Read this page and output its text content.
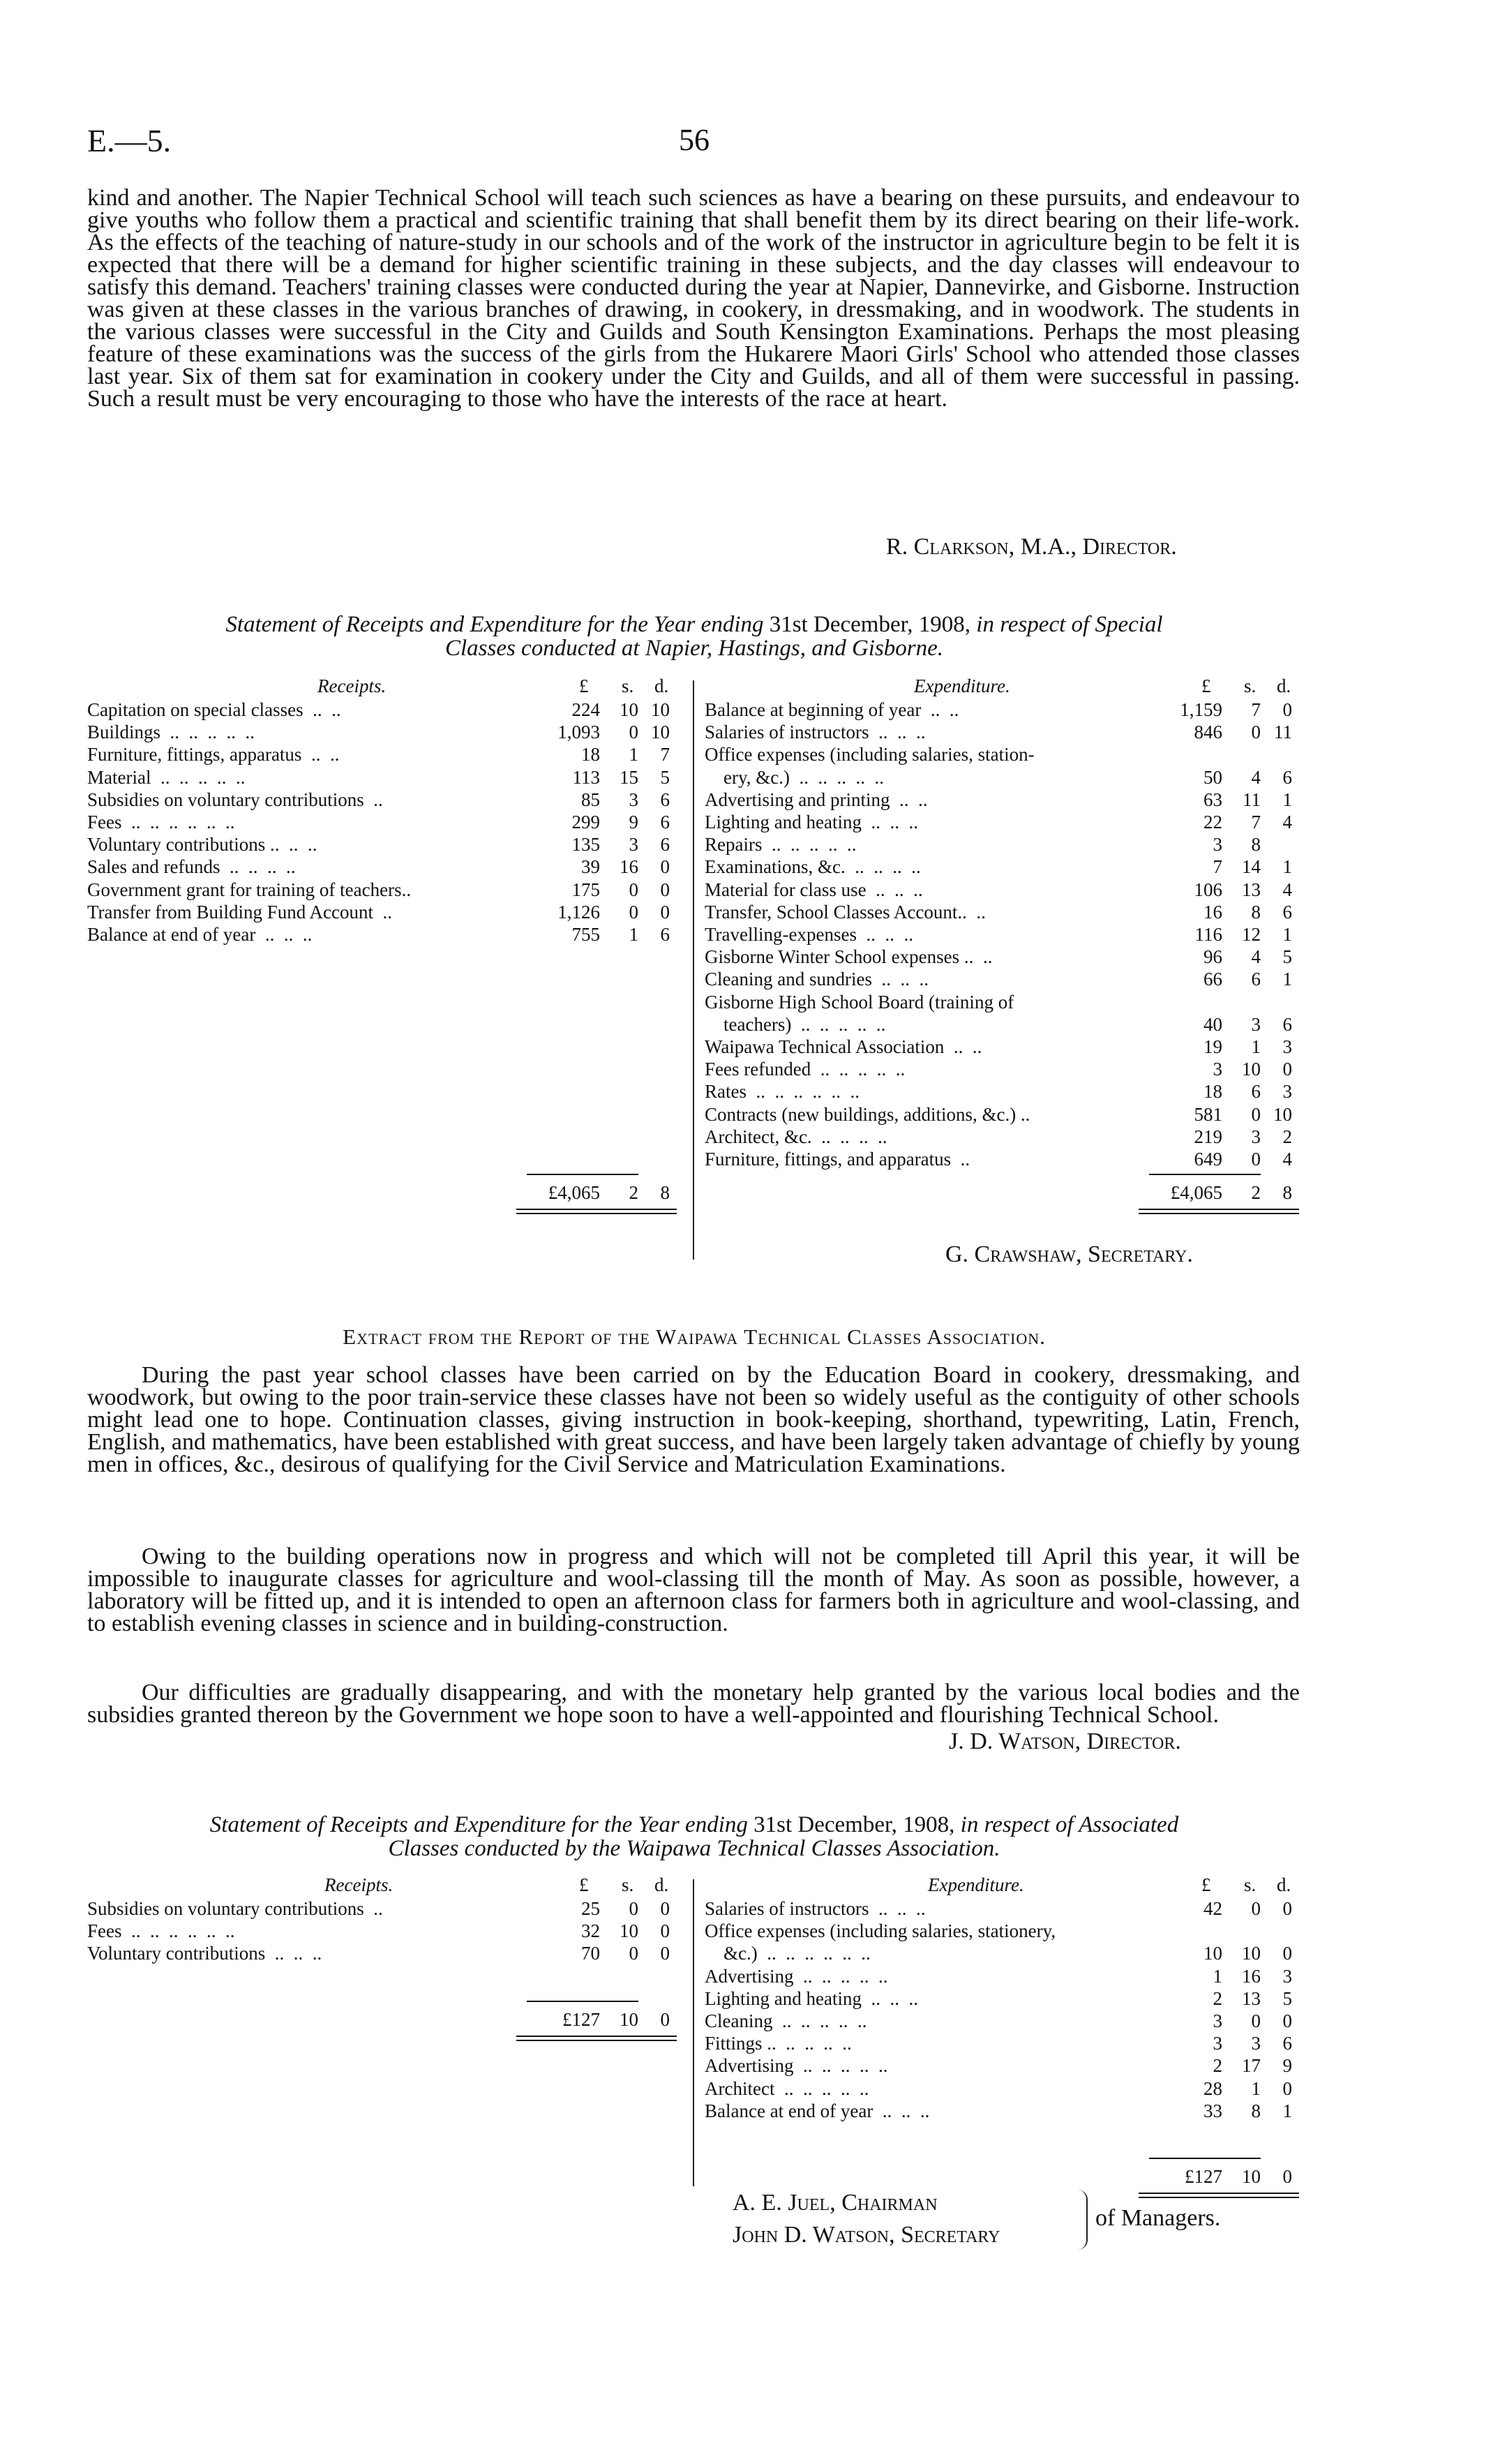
E.—5.	56

kind and another. The Napier Technical School will teach such sciences as have a bearing on these pursuits, and endeavour to give youths who follow them a practical and scientific training that shall benefit them by its direct bearing on their life-work. As the effects of the teaching of nature-study in our schools and of the work of the instructor in agriculture begin to be felt it is expected that there will be a demand for higher scientific training in these subjects, and the day classes will endeavour to satisfy this demand. Teachers' training classes were conducted during the year at Napier, Dannevirke, and Gisborne. Instruction was given at these classes in the various branches of drawing, in cookery, in dressmaking, and in woodwork. The students in the various classes were successful in the City and Guilds and South Kensington Examinations. Perhaps the most pleasing feature of these examinations was the success of the girls from the Hukarere Maori Girls' School who attended those classes last year. Six of them sat for examination in cookery under the City and Guilds, and all of them were successful in passing. Such a result must be very encouraging to those who have the interests of the race at heart.

R. Clarkson, M.A., Director.
Statement of Receipts and Expenditure for the Year ending 31st December, 1908, in respect of Special
Classes conducted at Napier, Hastings, and Gisborne.
Receipts.	£ s. d.
Capitation on special classes  ..  ..	224	10 10
Buildings  ..  ..  ..  ..  ..	1,093	0 10
Furniture, fittings, apparatus  ..  ..	18	1	7
Material  ..  ..  ..  ..  ..	113	15	5
Subsidies on voluntary contributions  ..	85	3	6
Fees  ..  ..  ..  ..  ..  ..	299	9	6
Voluntary contributions ..  ..  ..	135	3	6
Sales and refunds  ..  ..  ..  ..	39	16	0
Government grant for training of teachers..	175	0	0
Transfer from Building Fund Account  ..	1,126	0	0
Balance at end of year  ..  ..  ..	755	1	6
£4,065	2	8
Expenditure.	£ s. d.
Balance at beginning of year  ..  ..	1,159	7	0
Salaries of instructors  ..  ..  ..	846	0 11
Office expenses (including salaries, station-
ery, &c.)  ..  ..  ..  ..  ..	50	4	6
Advertising and printing  ..  ..	63	11	1
Lighting and heating  ..  ..  ..	22	7	4
Repairs  ..  ..  ..  ..  ..	3	8
Examinations, &c.  ..  ..  ..  ..	7	14	1
Material for class use  ..  ..  ..	106	13	4
Transfer, School Classes Account..  ..	16	8	6
Travelling-expenses  ..  ..  ..	116	12	1
Gisborne Winter School expenses ..  ..	96	4	5
Cleaning and sundries  ..  ..  ..	66	6	1
Gisborne High School Board (training of
teachers)  ..  ..  ..  ..  ..	40	3	6
Waipawa Technical Association  ..  ..	19	1	3
Fees refunded  ..  ..  ..  ..  ..	3	10	0
Rates  ..  ..  ..  ..  ..  ..	18	6	3
Contracts (new buildings, additions, &c.) ..	581	0 10
Architect, &c.  ..  ..  ..  ..	219	3	2
Furniture, fittings, and apparatus  ..	649	0	4
£4,065	2	8
G. Crawshaw, Secretary.
Extract from the Report of the Waipawa Technical Classes Association.

During the past year school classes have been carried on by the Education Board in cookery, dressmaking, and woodwork, but owing to the poor train-service these classes have not been so widely useful as the contiguity of other schools might lead one to hope. Continuation classes, giving instruction in book-keeping, shorthand, typewriting, Latin, French, English, and mathematics, have been established with great success, and have been largely taken advantage of chiefly by young men in offices, &c., desirous of qualifying for the Civil Service and Matriculation Examinations.

Owing to the building operations now in progress and which will not be completed till April this year, it will be impossible to inaugurate classes for agriculture and wool-classing till the month of May. As soon as possible, however, a laboratory will be fitted up, and it is intended to open an afternoon class for farmers both in agriculture and wool-classing, and to establish evening classes in science and in building-construction.

Our difficulties are gradually disappearing, and with the monetary help granted by the various local bodies and the subsidies granted thereon by the Government we hope soon to have a well-appointed and flourishing Technical School.

J. D. Watson, Director.
Statement of Receipts and Expenditure for the Year ending 31st December, 1908, in respect of Associated
Classes conducted by the Waipawa Technical Classes Association.
Receipts.	£ s. d.
Subsidies on voluntary contributions  ..	25	0	0
Fees  ..  ..  ..  ..  ..  ..	32	10	0
Voluntary contributions  ..  ..  ..	70	0	0
£127	10	0
Expenditure.	£ s. d.
Salaries of instructors  ..  ..  ..	42	0	0
Office expenses (including salaries, stationery,
&c.)  ..  ..  ..  ..  ..  ..	10	10	0
Advertising  ..  ..  ..  ..  ..	1	16	3
Lighting and heating  ..  ..  ..	2	13	5
Cleaning  ..  ..  ..  ..  ..	3	0	0
Fittings ..  ..  ..  ..  ..	3	3	6
Advertising  ..  ..  ..  ..  ..	2	17	9
Architect  ..  ..  ..  ..  ..	28	1	0
Balance at end of year  ..  ..  ..	33	8	1
£127	10	0
A. E. Juel, Chairman
John D. Watson, Secretary
of Managers.
